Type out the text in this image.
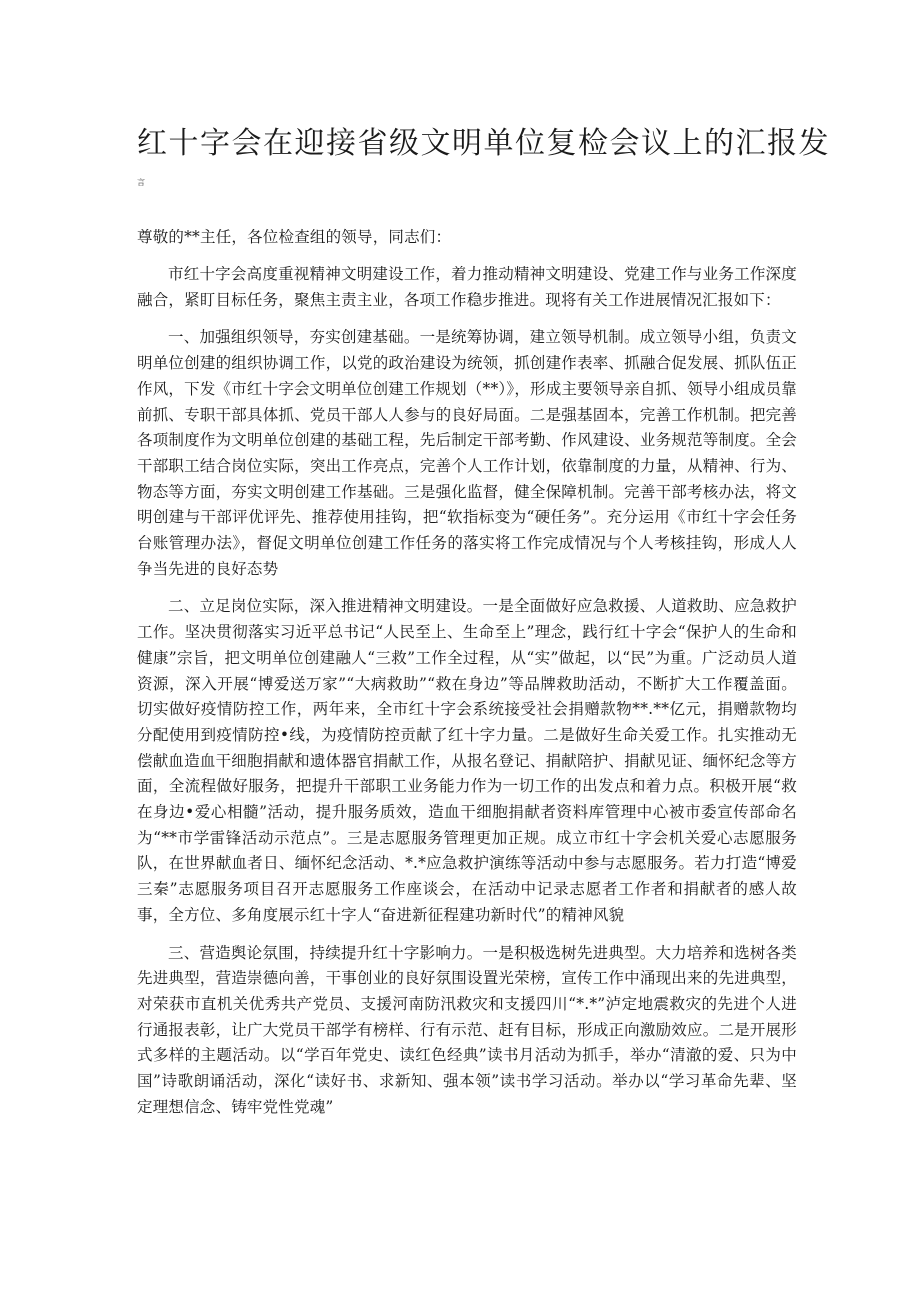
红十字会在迎接省级文明单位复检会议上的汇报发
言

尊敬的**主任，各位检查组的领导，同志们：

市红十字会高度重视精神文明建设工作，着力推动精神文明建设、党建工作与业务工作深度融合，紧盯目标任务，聚焦主责主业，各项工作稳步推进。现将有关工作进展情况汇报如下：

一、加强组织领导，夯实创建基础。一是统筹协调，建立领导机制。成立领导小组，负责文明单位创建的组织协调工作，以党的政治建设为统领，抓创建作表率、抓融合促发展、抓队伍正作风，下发《市红十字会文明单位创建工作规划（**）》，形成主要领导亲自抓、领导小组成员靠前抓、专职干部具体抓、党员干部人人参与的良好局面。二是强基固本，完善工作机制。把完善各项制度作为文明单位创建的基础工程，先后制定干部考勤、作风建设、业务规范等制度。全会干部职工结合岗位实际，突出工作亮点，完善个人工作计划，依靠制度的力量，从精神、行为、物态等方面，夯实文明创建工作基础。三是强化监督，健全保障机制。完善干部考核办法，将文明创建与干部评优评先、推荐使用挂钩，把“软指标变为“硬任务”。充分运用《市红十字会任务台账管理办法》，督促文明单位创建工作任务的落实将工作完成情况与个人考核挂钩，形成人人争当先进的良好态势

二、立足岗位实际，深入推进精神文明建设。一是全面做好应急救援、人道救助、应急救护工作。坚决贯彻落实习近平总书记“人民至上、生命至上”理念，践行红十字会“保护人的生命和健康”宗旨，把文明单位创建融人“三救”工作全过程，从“实”做起，以“民”为重。广泛动员人道资源，深入开展“博爱送万家”“大病救助”“救在身边”等品牌救助活动，不断扩大工作覆盖面。切实做好疫情防控工作，两年来，全市红十字会系统接受社会捐赠款物**.**亿元，捐赠款物均分配使用到疫情防控•线，为疫情防控贡献了红十字力量。二是做好生命关爱工作。扎实推动无偿献血造血干细胞捐献和遗体器官捐献工作，从报名登记、捐献陪护、捐献见证、缅怀纪念等方面，全流程做好服务，把提升干部职工业务能力作为一切工作的出发点和着力点。积极开展“救在身边•爱心相髓”活动，提升服务质效，造血干细胞捐献者资料库管理中心被市委宣传部命名为“**市学雷锋活动示范点”。三是志愿服务管理更加正规。成立市红十字会机关爱心志愿服务队，在世界献血者日、缅怀纪念活动、*.*应急救护演练等活动中参与志愿服务。若力打造“博爱三秦”志愿服务项目召开志愿服务工作座谈会，在活动中记录志愿者工作者和捐献者的感人故事，全方位、多角度展示红十字人“奋进新征程建功新时代”的精神风貌

三、营造舆论氛围，持续提升红十字影响力。一是积极选树先进典型。大力培养和选树各类先进典型，营造崇德向善，干事创业的良好氛围设置光荣榜，宣传工作中涌现出来的先进典型，对荣获市直机关优秀共产党员、支援河南防汛救灾和支援四川“*.*”泸定地震救灾的先进个人进行通报表彰，让广大党员干部学有榜样、行有示范、赶有目标，形成正向激励效应。二是开展形式多样的主题活动。以“学百年党史、读红色经典”读书月活动为抓手，举办“清澈的爱、只为中国”诗歌朗诵活动，深化“读好书、求新知、强本领”读书学习活动。举办以“学习革命先辈、坚定理想信念、铸牢党性党魂”
